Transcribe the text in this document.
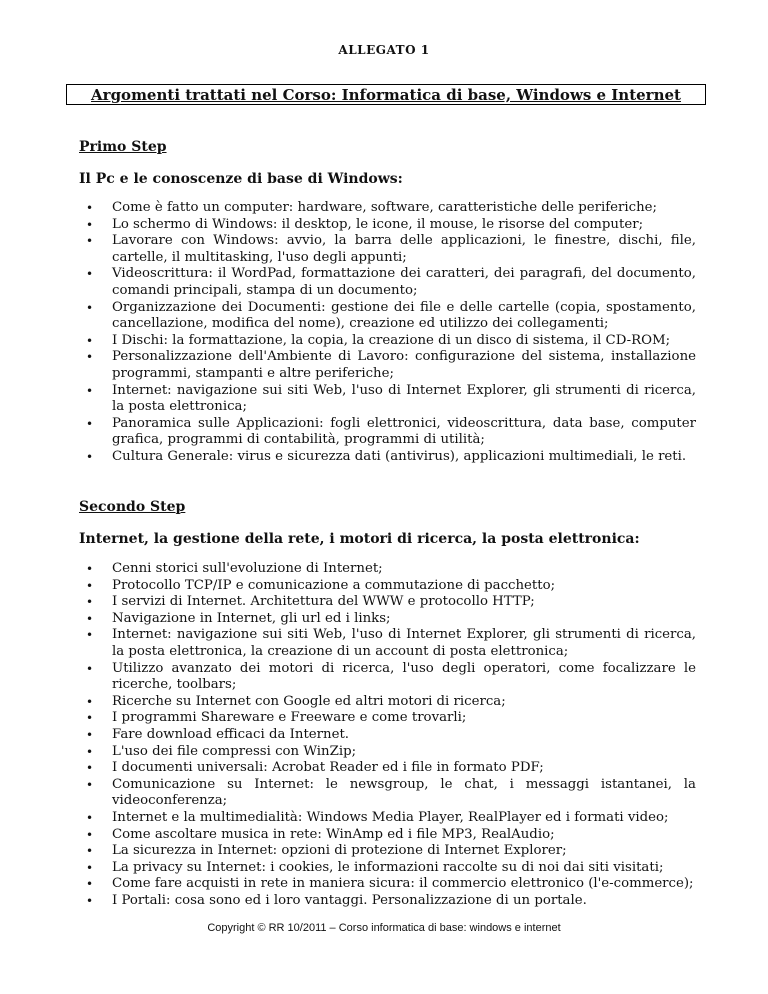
ALLEGATO 1
Argomenti trattati nel Corso: Informatica di base, Windows e Internet
Primo Step
Il Pc e le conoscenze di base di Windows:
• Come è fatto un computer: hardware, software, caratteristiche delle periferiche;
• Lo schermo di Windows: il desktop, le icone, il mouse, le risorse del computer;
• Lavorare con Windows: avvio, la barra delle applicazioni, le finestre, dischi, file, cartelle, il multitasking, l'uso degli appunti;
• Videoscrittura: il WordPad, formattazione dei caratteri, dei paragrafi, del documento, comandi principali, stampa di un documento;
• Organizzazione dei Documenti: gestione dei file e delle cartelle (copia, spostamento, cancellazione, modifica del nome), creazione ed utilizzo dei collegamenti;
• I Dischi: la formattazione, la copia, la creazione di un disco di sistema, il CD-ROM;
• Personalizzazione dell'Ambiente di Lavoro: configurazione del sistema, installazione programmi, stampanti e altre periferiche;
• Internet: navigazione sui siti Web, l'uso di Internet Explorer, gli strumenti di ricerca, la posta elettronica;
• Panoramica sulle Applicazioni: fogli elettronici, videoscrittura, data base, computer grafica, programmi di contabilità, programmi di utilità;
• Cultura Generale: virus e sicurezza dati (antivirus), applicazioni multimediali, le reti.
Secondo Step
Internet, la gestione della rete, i motori di ricerca, la posta elettronica:
• Cenni storici sull'evoluzione di Internet;
• Protocollo TCP/IP e comunicazione a commutazione di pacchetto;
• I servizi di Internet. Architettura del WWW e protocollo HTTP;
• Navigazione in Internet, gli url ed i links;
• Internet: navigazione sui siti Web, l'uso di Internet Explorer, gli strumenti di ricerca, la posta elettronica, la creazione di un account di posta elettronica;
• Utilizzo avanzato dei motori di ricerca, l'uso degli operatori, come focalizzare le ricerche, toolbars;
• Ricerche su Internet con Google ed altri motori di ricerca;
• I programmi Shareware e Freeware e come trovarli;
• Fare download efficaci da Internet.
• L'uso dei file compressi con WinZip;
• I documenti universali: Acrobat Reader ed i file in formato PDF;
• Comunicazione su Internet: le newsgroup, le chat, i messaggi istantanei, la videoconferenza;
• Internet e la multimedialità: Windows Media Player, RealPlayer ed i formati video;
• Come ascoltare musica in rete: WinAmp ed i file MP3, RealAudio;
• La sicurezza in Internet: opzioni di protezione di Internet Explorer;
• La privacy su Internet: i cookies, le informazioni raccolte su di noi dai siti visitati;
• Come fare acquisti in rete in maniera sicura: il commercio elettronico (l'e-commerce);
• I Portali: cosa sono ed i loro vantaggi. Personalizzazione di un portale.
Copyright © RR 10/2011 – Corso informatica di base: windows e internet
